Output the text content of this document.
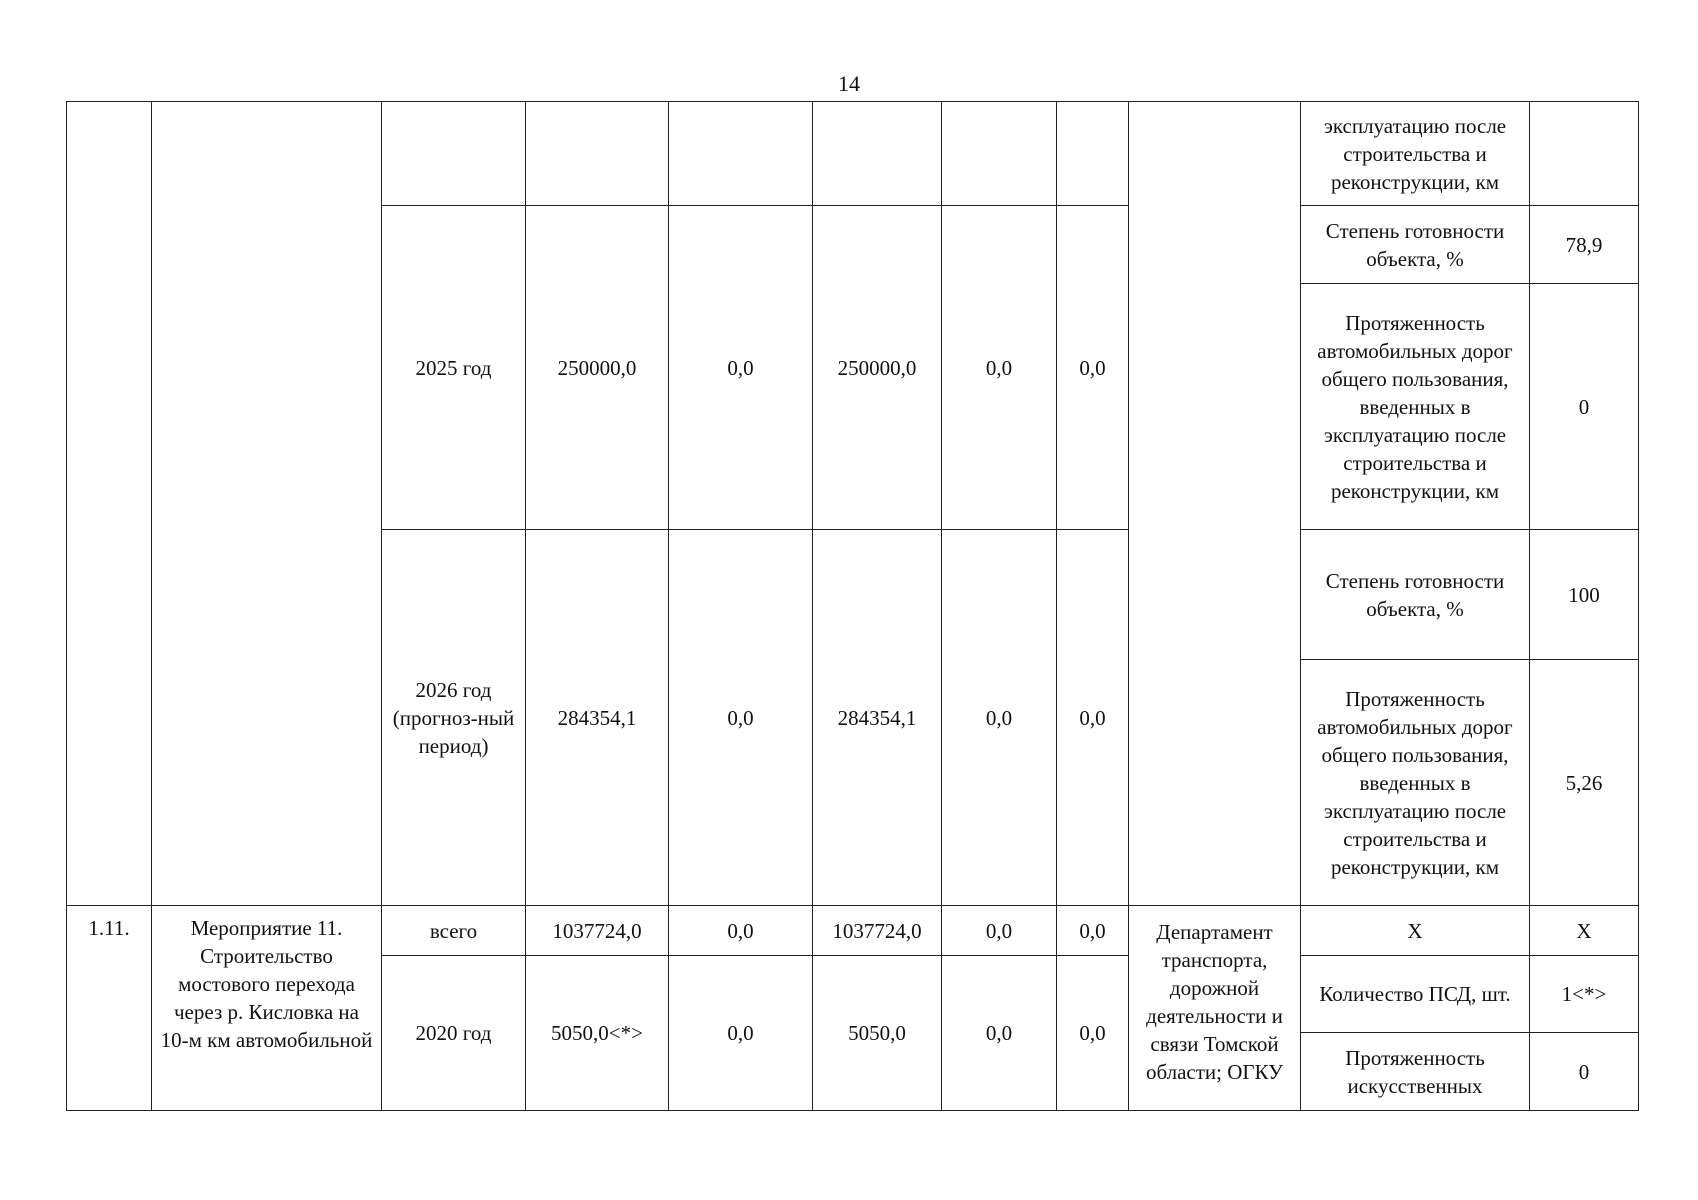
14
									эксплуатацию после строительства и реконструкции, км	
		2025 год	250000,0	0,0	250000,0	0,0	0,0		Степень готовности объекта, %	78,9
									Протяженность автомобильных дорог общего пользования, введенных в эксплуатацию после строительства и реконструкции, км	0
		2026 год (прогноз-ный период)	284354,1	0,0	284354,1	0,0	0,0		Степень готовности объекта, %	100
									Протяженность автомобильных дорог общего пользования, введенных в эксплуатацию после строительства и реконструкции, км	5,26
1.11.	Мероприятие 11. Строительство мостового перехода через р. Кисловка на 10-м км автомобильной	всего	1037724,0	0,0	1037724,0	0,0	0,0	Департамент транспорта, дорожной деятельности и связи Томской области; ОГКУ	Х	Х
		2020 год	5050,0<*>	0,0	5050,0	0,0	0,0		Количество ПСД, шт.	1<*>
									Протяженность искусственных	0
